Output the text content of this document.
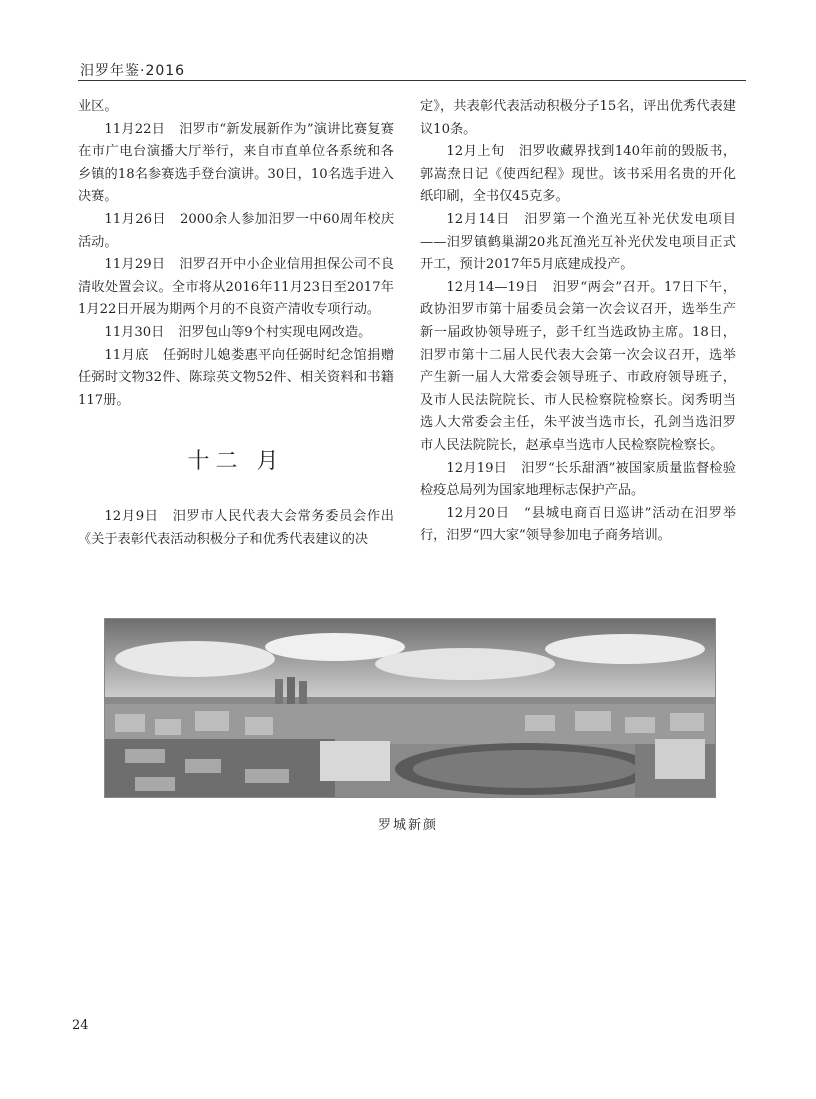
汨罗年鉴·2016

业区。

11月22日 汨罗市“新发展新作为”演讲比赛复赛在市广电台演播大厅举行，来自市直单位各系统和各乡镇的18名参赛选手登台演讲。30日，10名选手进入决赛。

11月26日 2000余人参加汨罗一中60周年校庆活动。

11月29日 汨罗召开中小企业信用担保公司不良清收处置会议。全市将从2016年11月23日至2017年1月22日开展为期两个月的不良资产清收专项行动。

11月30日 汨罗包山等9个村实现电网改造。

11月底 任弼时儿媳娄惠平向任弼时纪念馆捐赠任弼时文物32件、陈琮英文物52件、相关资料和书籍117册。

十二 月

12月9日 汨罗市人民代表大会常务委员会作出《关于表彰代表活动积极分子和优秀代表建议的决

定》，共表彰代表活动积极分子15名，评出优秀代表建议10条。

12月上旬 汨罗收藏界找到140年前的毁版书，郭嵩焘日记《使西纪程》现世。该书采用名贵的开化纸印刷，全书仅45克多。

12月14日 汨罗第一个渔光互补光伏发电项目——汨罗镇鹤巢湖20兆瓦渔光互补光伏发电项目正式开工，预计2017年5月底建成投产。

12月14—19日 汨罗“两会”召开。17日下午，政协汨罗市第十届委员会第一次会议召开，选举生产新一届政协领导班子，彭千红当选政协主席。18日，汨罗市第十二届人民代表大会第一次会议召开，选举产生新一届人大常委会领导班子、市政府领导班子，及市人民法院院长、市人民检察院检察长。闵秀明当选人大常委会主任，朱平波当选市长，孔剑当选汨罗市人民法院院长，赵承卓当选市人民检察院检察长。

12月19日 汨罗“长乐甜酒”被国家质量监督检验检疫总局列为国家地理标志保护产品。

12月20日 “县城电商百日巡讲”活动在汨罗举行，汨罗“四大家”领导参加电子商务培训。

罗城新颜
24
